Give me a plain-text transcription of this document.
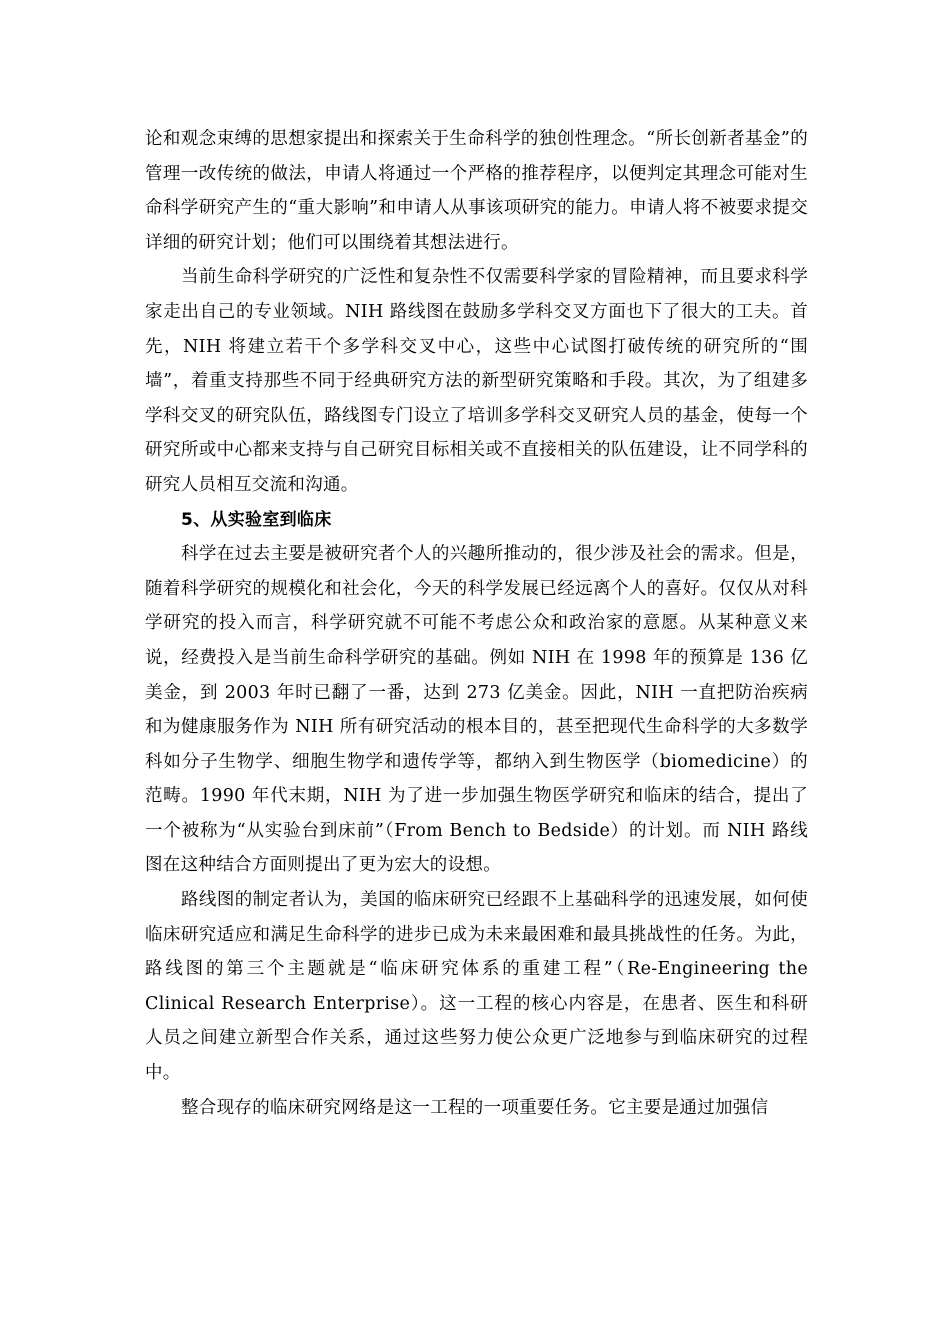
论和观念束缚的思想家提出和探索关于生命科学的独创性理念。“所长创新者基金”的管理一改传统的做法，申请人将通过一个严格的推荐程序，以便判定其理念可能对生命科学研究产生的“重大影响”和申请人从事该项研究的能力。申请人将不被要求提交详细的研究计划；他们可以围绕着其想法进行。

当前生命科学研究的广泛性和复杂性不仅需要科学家的冒险精神，而且要求科学家走出自己的专业领域。NIH 路线图在鼓励多学科交叉方面也下了很大的工夫。首先，NIH 将建立若干个多学科交叉中心，这些中心试图打破传统的研究所的“围墙”，着重支持那些不同于经典研究方法的新型研究策略和手段。其次，为了组建多学科交叉的研究队伍，路线图专门设立了培训多学科交叉研究人员的基金，使每一个研究所或中心都来支持与自己研究目标相关或不直接相关的队伍建设，让不同学科的研究人员相互交流和沟通。

5、从实验室到临床

科学在过去主要是被研究者个人的兴趣所推动的，很少涉及社会的需求。但是，随着科学研究的规模化和社会化，今天的科学发展已经远离个人的喜好。仅仅从对科学研究的投入而言，科学研究就不可能不考虑公众和政治家的意愿。从某种意义来说，经费投入是当前生命科学研究的基础。例如 NIH 在 1998 年的预算是 136 亿美金，到 2003 年时已翻了一番，达到 273 亿美金。因此，NIH 一直把防治疾病和为健康服务作为 NIH 所有研究活动的根本目的，甚至把现代生命科学的大多数学科如分子生物学、细胞生物学和遗传学等，都纳入到生物医学（biomedicine）的范畴。1990 年代末期，NIH 为了进一步加强生物医学研究和临床的结合，提出了一个被称为“从实验台到床前”（From Bench to Bedside）的计划。而 NIH 路线图在这种结合方面则提出了更为宏大的设想。

路线图的制定者认为，美国的临床研究已经跟不上基础科学的迅速发展，如何使临床研究适应和满足生命科学的进步已成为未来最困难和最具挑战性的任务。为此，路线图的第三个主题就是“临床研究体系的重建工程”（Re-Engineering the Clinical Research Enterprise）。这一工程的核心内容是，在患者、医生和科研人员之间建立新型合作关系，通过这些努力使公众更广泛地参与到临床研究的过程中。

整合现存的临床研究网络是这一工程的一项重要任务。它主要是通过加强信
